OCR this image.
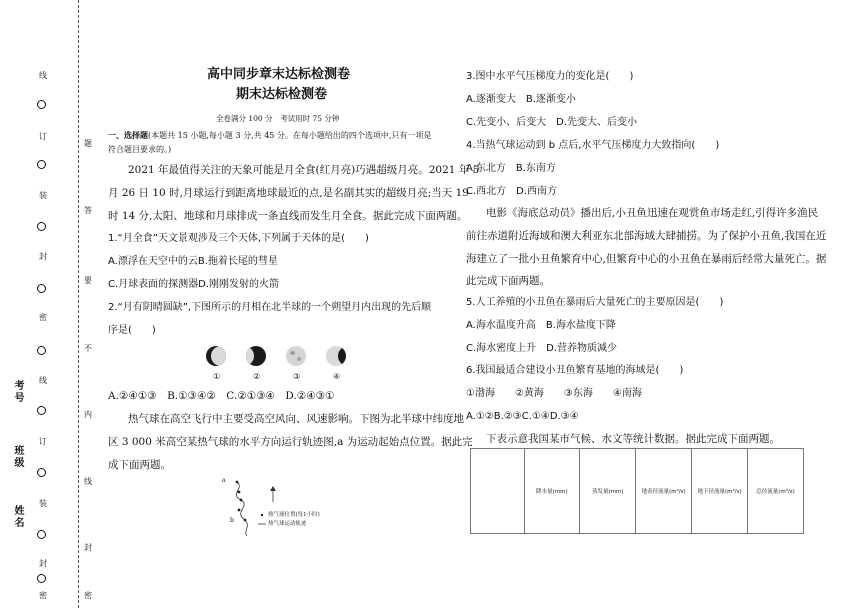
线
订
装
封
密
线
订
装
封
密
题
答
要
不
内
线
封
密
考号
班级
姓名
高中同步章末达标检测卷
期末达标检测卷
全卷满分 100 分　考试用时 75 分钟
一、选择题(本题共 15 小题,每小题 3 分,共 45 分。在每小题给出的四个选项中,只有一项是
符合题目要求的。)
2021 年最值得关注的天象可能是月全食(红月亮)巧遇超级月亮。2021 年 5
月 26 日 10 时,月球运行到距离地球最近的点,是名副其实的超级月亮;当天 19
时 14 分,太阳、地球和月球排成一条直线而发生月全食。据此完成下面两题。
1.“月全食”天文景观涉及三个天体,下列属于天体的是(　　)
A.漂浮在天空中的云B.拖着长尾的彗星
C.月球表面的探测器D.刚刚发射的火箭
2.“月有阴晴圆缺”,下图所示的月相在北半球的一个朔望月内出现的先后顺
序是(　　)
①	②	③	④
A.②④①③　B.①③④②　C.②①③④　D.②④③①
热气球在高空飞行中主要受高空风向、风速影响。下图为北半球中纬度地
区 3 000 米高空某热气球的水平方向运行轨迹图,a 为运动起始点位置。据此完
成下面两题。
a
b
热气球位置(每1小时)
热气球运动轨迹
3.图中水平气压梯度力的变化是(　　)
A.逐渐变大　B.逐渐变小
C.先变小、后变大　D.先变大、后变小
4.当热气球运动到 b 点后,水平气压梯度力大致指向(　　)
A.东北方　B.东南方
C.西北方　D.西南方
电影《海底总动员》播出后,小丑鱼迅速在观赏鱼市场走红,引得许多渔民
前往赤道附近海域和澳大利亚东北部海域大肆捕捞。为了保护小丑鱼,我国在近
海建立了一批小丑鱼繁育中心,但繁育中心的小丑鱼在暴雨后经常大量死亡。据
此完成下面两题。
5.人工养殖的小丑鱼在暴雨后大量死亡的主要原因是(　　)
A.海水温度升高　B.海水盐度下降
C.海水密度上升　D.营养物质减少
6.我国最适合建设小丑鱼繁育基地的海域是(　　)
①渤海　　②黄海　　③东海　　④南海
A.①②B.②③C.①④D.③④
下表示意我国某市气候、水文等统计数据。据此完成下面两题。
	降水量(mm)	蒸发量(mm)	地表径流量(m³/s)	地下径流量(m³/s)	总径流量(m³/s)
